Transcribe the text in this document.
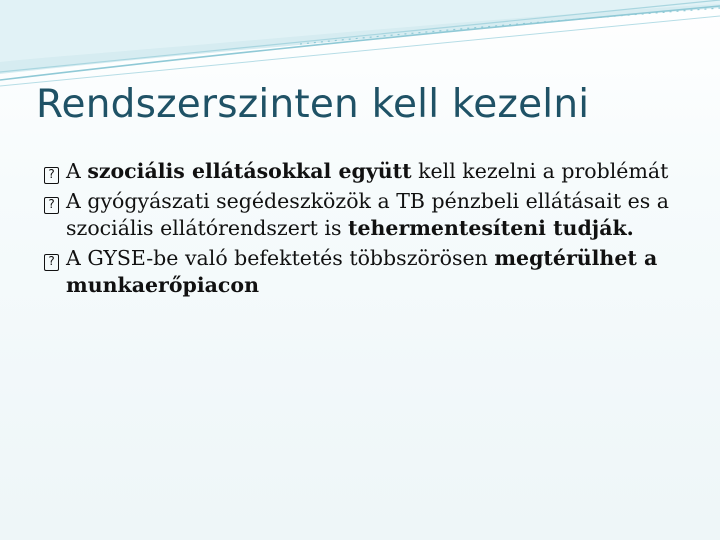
Rendszerszinten kell kezelni
? A szociális ellátásokkal együtt kell kezelni a problémát
? A gyógyászati segédeszközök a TB pénzbeli ellátásait es a szociális ellátórendszert is tehermentesíteni tudják.
? A GYSE-be való befektetés többszörösen megtérülhet a munkaerőpiacon
